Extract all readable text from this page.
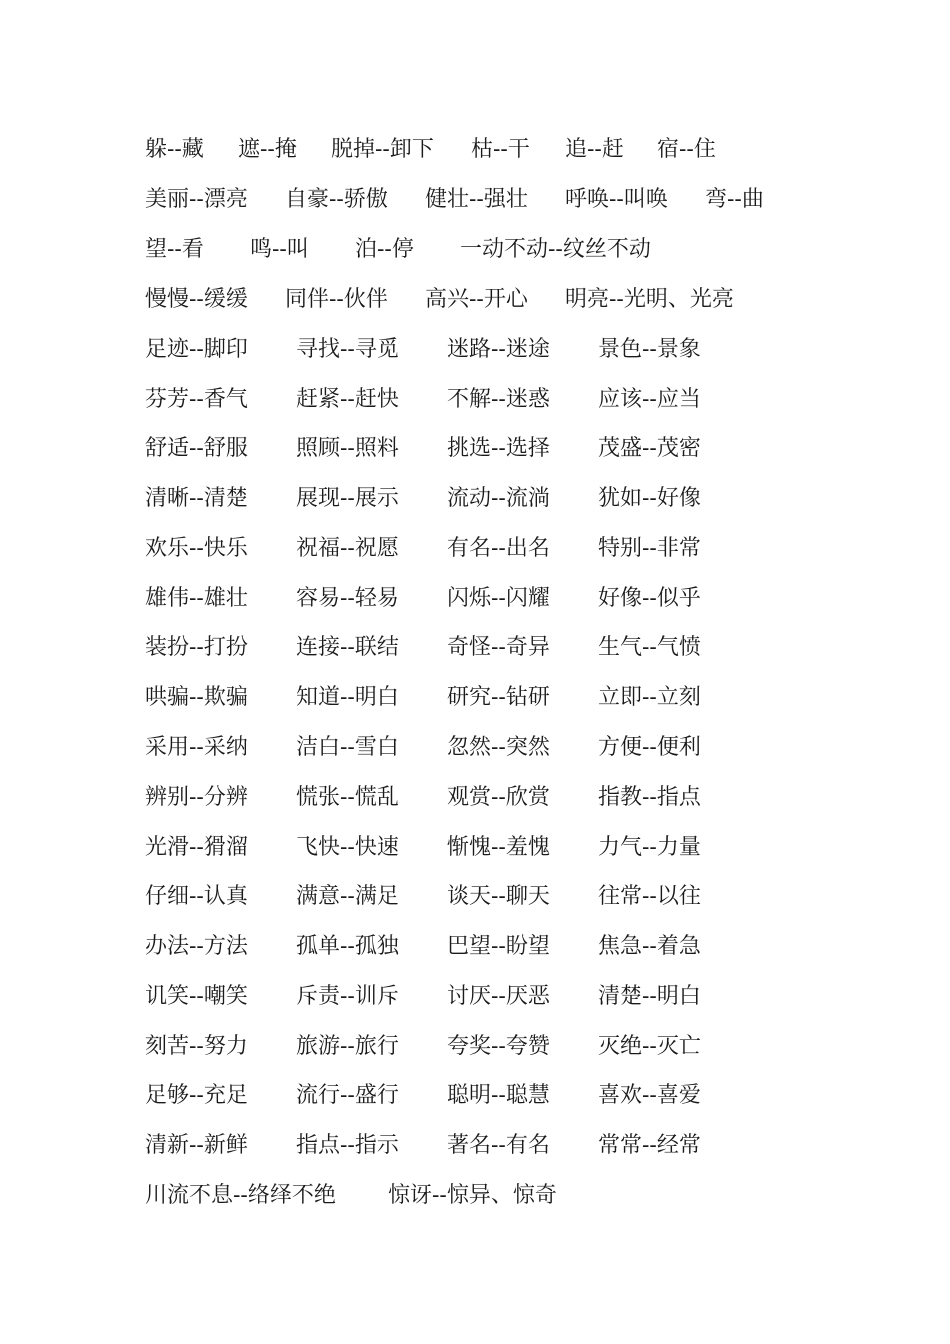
躲--藏 遮--掩 脱掉--卸下 枯--干 追--赶 宿--住
美丽--漂亮 自豪--骄傲 健壮--强壮 呼唤--叫唤 弯--曲
望--看 鸣--叫 泊--停 一动不动--纹丝不动
慢慢--缓缓 同伴--伙伴 高兴--开心 明亮--光明、光亮
足迹--脚印 寻找--寻觅 迷路--迷途 景色--景象
芬芳--香气 赶紧--赶快 不解--迷惑 应该--应当
舒适--舒服 照顾--照料 挑选--选择 茂盛--茂密
清晰--清楚 展现--展示 流动--流淌 犹如--好像
欢乐--快乐 祝福--祝愿 有名--出名 特别--非常
雄伟--雄壮 容易--轻易 闪烁--闪耀 好像--似乎
装扮--打扮 连接--联结 奇怪--奇异 生气--气愤
哄骗--欺骗 知道--明白 研究--钻研 立即--立刻
采用--采纳 洁白--雪白 忽然--突然 方便--便利
辨别--分辨 慌张--慌乱 观赏--欣赏 指教--指点
光滑--猾溜 飞快--快速 惭愧--羞愧 力气--力量
仔细--认真 满意--满足 谈天--聊天 往常--以往
办法--方法 孤单--孤独 巴望--盼望 焦急--着急
讥笑--嘲笑 斥责--训斥 讨厌--厌恶 清楚--明白
刻苦--努力 旅游--旅行 夸奖--夸赞 灭绝--灭亡
足够--充足 流行--盛行 聪明--聪慧 喜欢--喜爱
清新--新鲜 指点--指示 著名--有名 常常--经常
川流不息--络绎不绝 惊讶--惊异、惊奇
